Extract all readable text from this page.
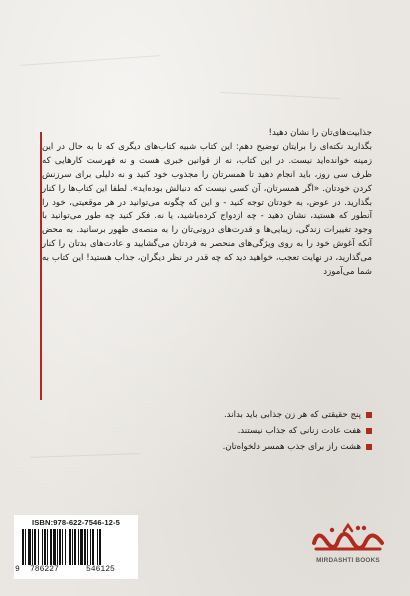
جذابیت‌های‌تان را نشان دهید!

بگذارید نکته‌ای را برایتان توضیح دهم: این کتاب شبیه کتاب‌های دیگری که تا به حال در این زمینه خوانده‌اید نیست. در این کتاب، نه از قوانین خبری هست و نه فهرست کارهایی که ظرف سی روز، باید انجام دهید تا همسرتان را مجذوب خود کنید و نه دلیلی برای سرزنش کردن خودتان. «اگر همسرتان، آن کسی نیست که دنبالش بوده‌اید». لطفا این کتاب‌ها را کنار بگذارید. در عوض، به خودتان توجه کنید - و این که چگونه می‌توانید در هر موقعیتی، خود را آنطور که هستید، نشان دهید - چه ازدواج کرده‌باشید، یا نه. فکر کنید چه طور می‌توانید با وجود تغییرات زندگی، زیبایی‌ها و قدرت‌های درونی‌تان را به منصه‌ی ظهور برسانید. به محض آنکه آغوش خود را به روی ویژگی‌های منحصر به فردتان می‌گشایید و عادت‌های بدتان را کنار می‌گذارید، در نهایت تعجب، خواهید دید که چه قدر در نظر دیگران، جذاب هستید! این کتاب به شما می‌آموزد

پنج حقیقتی که هر زن جذابی باید بداند.
هفت عادت زنانی که جذاب نیستند.
هشت راز برای جذب همسر دلخواه‌تان.
ISBN:978-622-7546-12-5
9 786227	546125
MIRDASHTI BOOKS
